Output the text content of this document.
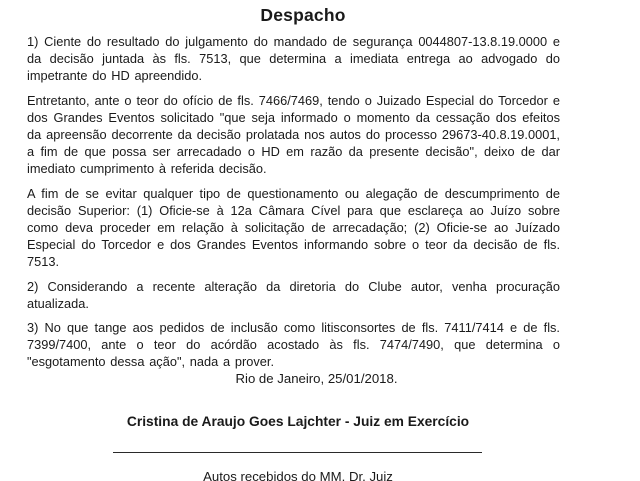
Despacho

1) Ciente do resultado do julgamento do mandado de segurança 0044807-13.8.19.0000 e da decisão juntada às fls. 7513, que determina a imediata entrega ao advogado do impetrante do HD apreendido.

Entretanto, ante o teor do ofício de fls. 7466/7469, tendo o Juizado Especial do Torcedor e dos Grandes Eventos solicitado "que seja informado o momento da cessação dos efeitos da apreensão decorrente da decisão prolatada nos autos do processo 29673-40.8.19.0001, a fim de que possa ser arrecadado o HD em razão da presente decisão", deixo de dar imediato cumprimento à referida decisão.

A fim de se evitar qualquer tipo de questionamento ou alegação de descumprimento de decisão Superior: (1) Oficie-se à 12a Câmara Cível para que esclareça ao Juízo sobre como deva proceder em relação à solicitação de arrecadação; (2) Oficie-se ao Juízado Especial do Torcedor e dos Grandes Eventos informando sobre o teor da decisão de fls. 7513.

2) Considerando a recente alteração da diretoria do Clube autor, venha procuração atualizada.

3) No que tange aos pedidos de inclusão como litisconsortes de fls. 7411/7414 e de fls. 7399/7400, ante o teor do acórdão acostado às fls. 7474/7490, que determina o "esgotamento dessa ação", nada a prover.

Rio de Janeiro, 25/01/2018.

Cristina de Araujo Goes Lajchter - Juiz em Exercício

Autos recebidos do MM. Dr. Juiz
